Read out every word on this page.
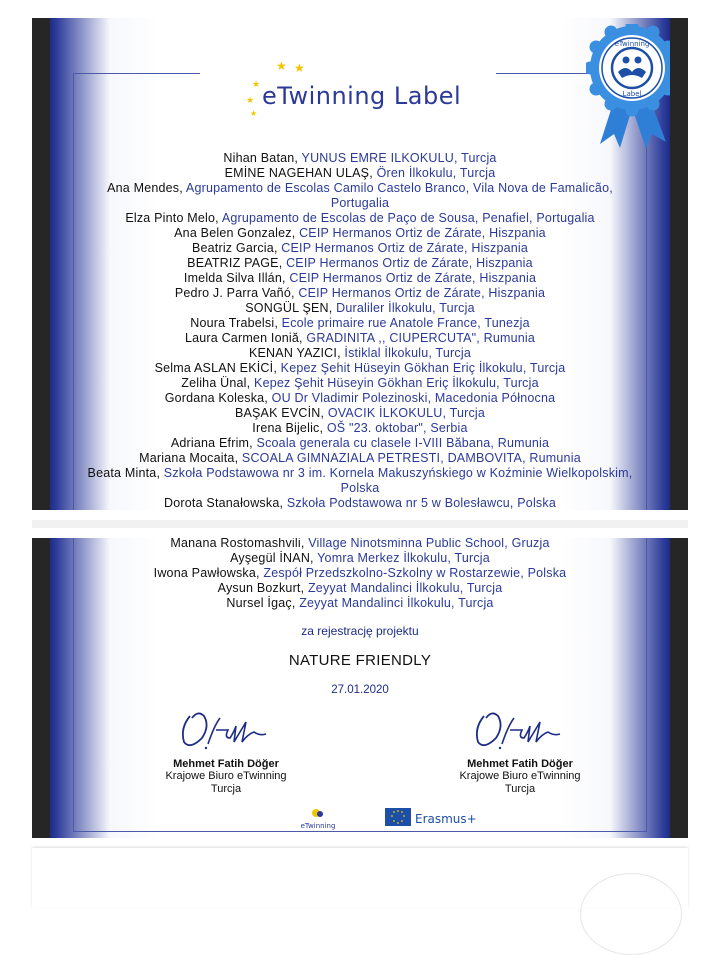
★ ★
★
★
★
eTwinning Label
eTwinning
Label
Nihan Batan, YUNUS EMRE ILKOKULU, Turcja
EMİNE NAGEHAN ULAŞ, Ören İlkokulu, Turcja
Ana Mendes, Agrupamento de Escolas Camilo Castelo Branco, Vila Nova de Famalicão,
Portugalia
Elza Pinto Melo, Agrupamento de Escolas de Paço de Sousa, Penafiel, Portugalia
Ana Belen Gonzalez, CEIP Hermanos Ortiz de Zárate, Hiszpania
Beatriz Garcia, CEIP Hermanos Ortiz de Zárate, Hiszpania
BEATRIZ PAGE, CEIP Hermanos Ortiz de Zárate, Hiszpania
Imelda Silva Illán, CEIP Hermanos Ortiz de Zárate, Hiszpania
Pedro J. Parra Vañó, CEIP Hermanos Ortiz de Zárate, Hiszpania
SONGÜL ŞEN, Duraliler İlkokulu, Turcja
Noura Trabelsi, Ecole primaire rue Anatole France, Tunezja
Laura Carmen Ioniă, GRADINITA ,, CIUPERCUTA", Rumunia
KENAN YAZICI, İstiklal İlkokulu, Turcja
Selma ASLAN EKİCİ, Kepez Şehit Hüseyin Gökhan Eriç İlkokulu, Turcja
Zeliha Ünal, Kepez Şehit Hüseyin Gökhan Eriç İlkokulu, Turcja
Gordana Koleska, OU Dr Vladimir Polezinoski, Macedonia Północna
BAŞAK EVCİN, OVACIK İLKOKULU, Turcja
Irena Bijelic, OŠ "23. oktobar", Serbia
Adriana Efrim, Scoala generala cu clasele I-VIII Băbana, Rumunia
Mariana Mocaita, SCOALA GIMNAZIALA PETRESTI, DAMBOVITA, Rumunia
Beata Minta, Szkoła Podstawowa nr 3 im. Kornela Makuszyńskiego w Koźminie Wielkopolskim,
Polska
Dorota Stanałowska, Szkoła Podstawowa nr 5 w Bolesławcu, Polska
Manana Rostomashvili, Village Ninotsminna Public School, Gruzja
Ayşegül İNAN, Yomra Merkez İlkokulu, Turcja
Iwona Pawłowska, Zespół Przedszkolno-Szkolny w Rostarzewie, Polska
Aysun Bozkurt, Zeyyat Mandalinci İlkokulu, Turcja
Nursel İgaç, Zeyyat Mandalinci İlkokulu, Turcja
za rejestrację projektu
NATURE FRIENDLY
27.01.2020
Mehmet Fatih Döğer
Krajowe Biuro eTwinning
Turcja
Mehmet Fatih Döğer
Krajowe Biuro eTwinning
Turcja
eTwinning	Erasmus+
